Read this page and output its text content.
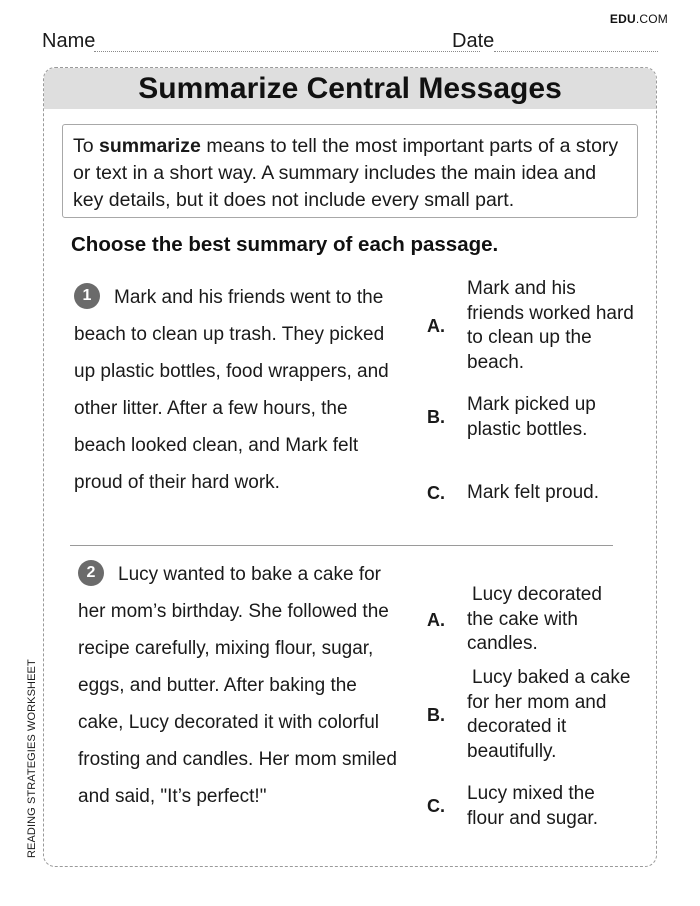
EDU.COM
Name	Date
Summarize Central Messages
To summarize means to tell the most important parts of a story or text in a short way. A summary includes the main idea and key details, but it does not include every small part.
Choose the best summary of each passage.
1 Mark and his friends went to the beach to clean up trash. They picked up plastic bottles, food wrappers, and other litter. After a few hours, the beach looked clean, and Mark felt proud of their hard work.
A.
Mark and his friends worked hard to clean up the beach.
B.
Mark picked up plastic bottles.
C. Mark felt proud.
2 Lucy wanted to bake a cake for her mom’s birthday. She followed the recipe carefully, mixing flour, sugar, eggs, and butter. After baking the cake, Lucy decorated it with colorful frosting and candles. Her mom smiled and said, "It’s perfect!"
A.
Lucy decorated the cake with candles.
B.
Lucy baked a cake for her mom and decorated it beautifully.
C.
Lucy mixed the flour and sugar.
READING STRATEGIES WORKSHEET
